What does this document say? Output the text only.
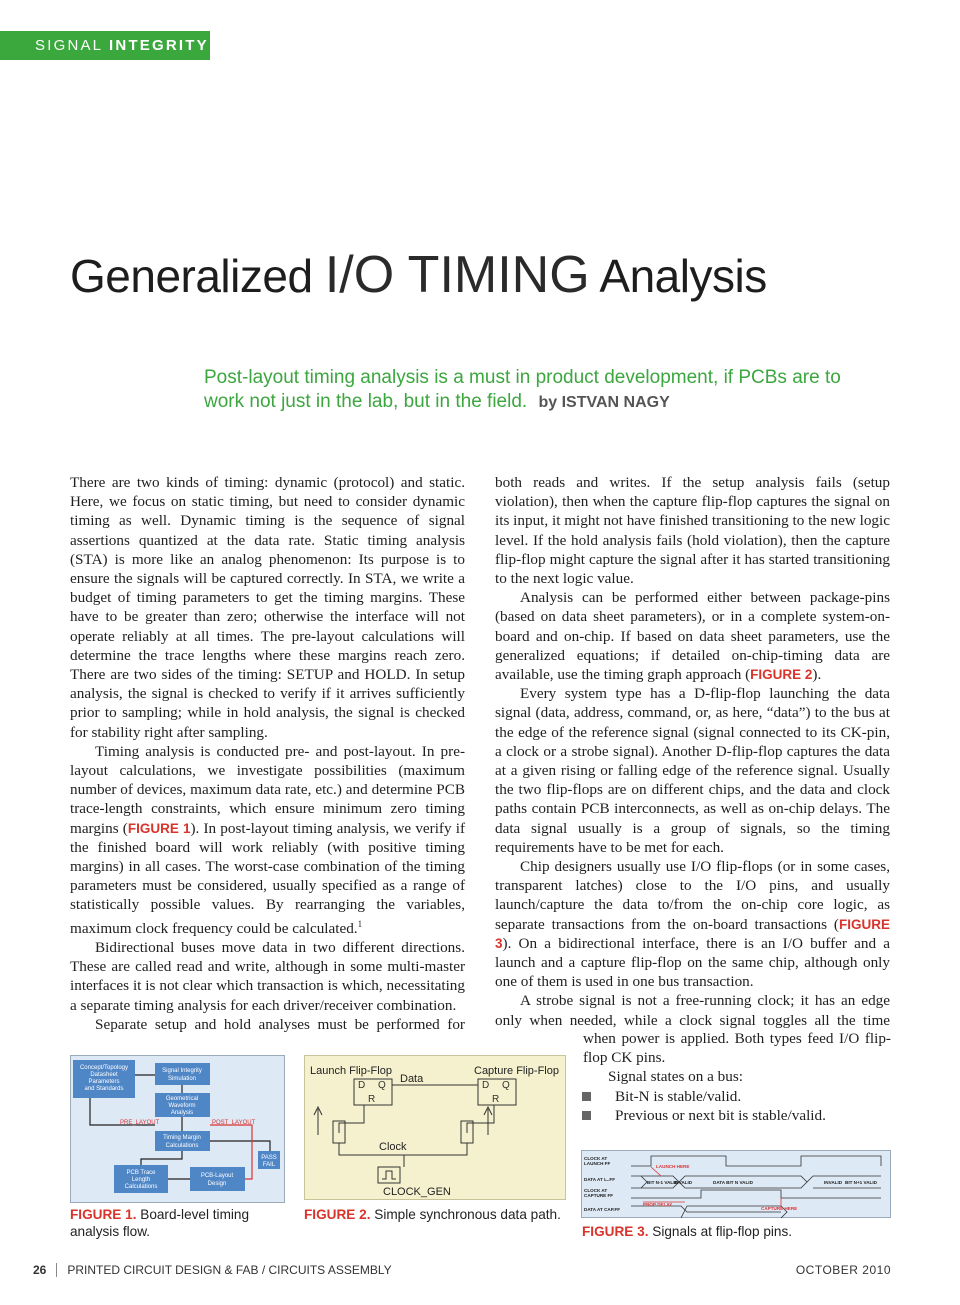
SIGNAL INTEGRITY
Generalized I/O TIMING Analysis
Post-layout timing analysis is a must in product development, if PCBs are to work not just in the lab, but in the field. by ISTVAN NAGY

There are two kinds of timing: dynamic (protocol) and static. Here, we focus on static timing, but need to consider dynamic timing as well. Dynamic timing is the sequence of signal assertions quantized at the data rate. Static timing analysis (STA) is more like an analog phenomenon: Its purpose is to ensure the signals will be captured correctly. In STA, we write a budget of timing parameters to get the timing margins. These have to be greater than zero; otherwise the interface will not operate reliably at all times. The pre-layout calculations will determine the trace lengths where these margins reach zero. There are two sides of the timing: SETUP and HOLD. In setup analysis, the signal is checked to verify if it arrives sufficiently prior to sampling; while in hold analysis, the signal is checked for stability right after sampling.

Timing analysis is conducted pre- and post-layout. In pre-layout calculations, we investigate possibilities (maximum number of devices, maximum data rate, etc.) and determine PCB trace-length constraints, which ensure minimum zero timing margins (FIGURE 1). In post-layout timing analysis, we verify if the finished board will work reliably (with positive timing margins) in all cases. The worst-case combination of the timing parameters must be considered, usually specified as a range of statistically possible values. By rearranging the variables, maximum clock frequency could be calculated.$^1$

Bidirectional buses move data in two different directions. These are called read and write, although in some multi-master interfaces it is not clear which transaction is which, necessitating a separate timing analysis for each driver/receiver combination.

Separate setup and hold analyses must be performed for

both reads and writes. If the setup analysis fails (setup violation), then when the capture flip-flop captures the signal on its input, it might not have finished transitioning to the new logic level. If the hold analysis fails (hold violation), then the capture flip-flop might capture the signal after it has started transitioning to the next logic value.

Analysis can be performed either between package-pins (based on data sheet parameters), or in a complete system-on-board and on-chip. If based on data sheet parameters, use the generalized equations; if detailed on-chip-timing data are available, use the timing graph approach (FIGURE 2).

Every system type has a D-flip-flop launching the data signal (data, address, command, or, as here, “data”) to the bus at the edge of the reference signal (signal connected to its CK-pin, a clock or a strobe signal). Another D-flip-flop captures the data at a given rising or falling edge of the reference signal. Usually the two flip-flops are on different chips, and the data and clock paths contain PCB interconnects, as well as on-chip delays. The data signal usually is a group of signals, so the timing requirements have to be met for each.

Chip designers usually use I/O flip-flops (or in some cases, transparent latches) close to the I/O pins, and usually launch/capture the data to/from the on-chip core logic, as separate transactions from the on-board transactions (FIGURE 3). On a bidirectional interface, there is an I/O buffer and a launch and a capture flip-flop on the same chip, although only one of them is used in one bus transaction.

A strobe signal is not a free-running clock; it has an edge only when needed, while a clock signal toggles all the time

when power is applied. Both types feed I/O flip-flop CK pins.

Signal states on a bus:

Bit-N is stable/valid.
Previous or next bit is stable/valid.
Concept/Topology
Datasheet
Parameters
and Standards
Signal Integrity
Simulation
Geometrical
Waveform
Analysis
Timing Margin
Calculations
PASS
FAIL
PCB Trace
Length
Calculations
PCB-Layout
Design
PRE_LAYOUT	POST_LAYOUT
FIGURE 1. Board-level timing analysis flow.
Launch Flip-Flop	Capture Flip-Flop
Data
D Q
R
D Q
R
Clock
CLOCK_GEN
FIGURE 2. Simple synchronous data path.
CLOCK AT
LAUNCH FF
DATA AT L..FF
CLOCK AT
CAPTURE FF
DATA AT CAP.FF
LAUNCH HERE
PROP DELAY
CAPTURE HERE
BIT N-1 VALID
INVALID	DATA BIT N VALID	INVALID BIT N+1 VALID
FIGURE 3. Signals at flip-flop pins.
26 PRINTED CIRCUIT DESIGN & FAB / CIRCUITS ASSEMBLY	OCTOBER 2010
